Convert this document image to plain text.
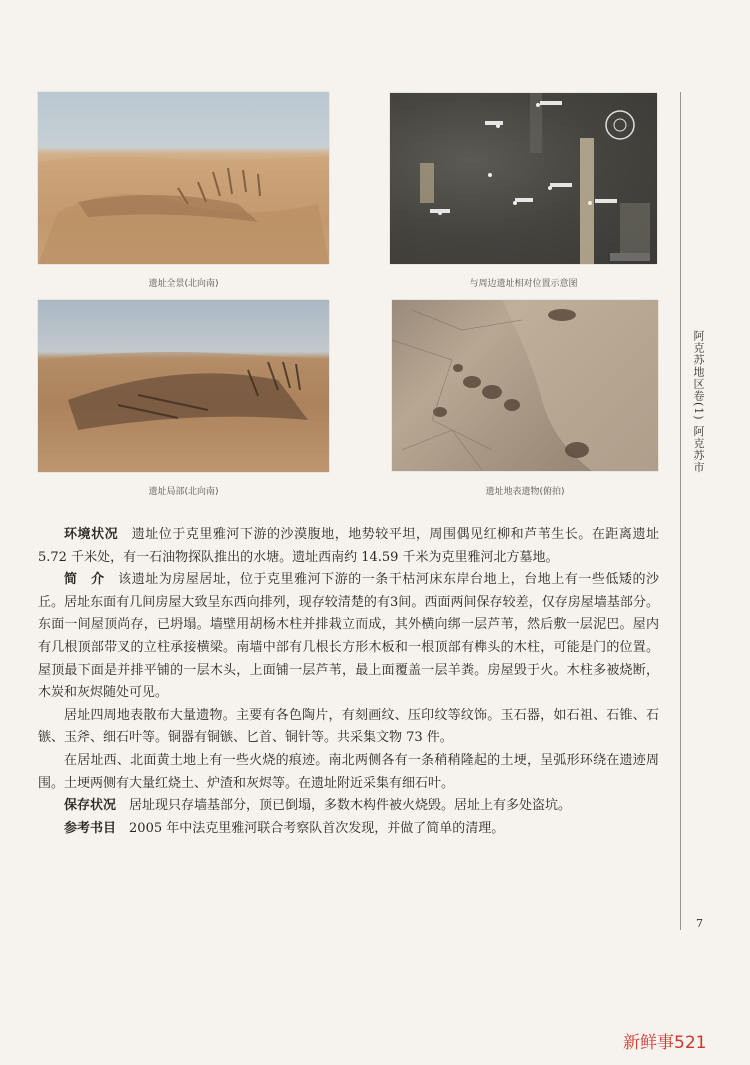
遗址全景(北向南)	与周边遗址相对位置示意图
遗址局部(北向南)	遗址地表遗物(俯拍)
阿克苏地区卷(1) 阿克苏市
7

环境状况　 遗址位于克里雅河下游的沙漠腹地，地势较平坦，周围偶见红柳和芦苇生长。在距离遗址 5.72 千米处，有一石油物探队推出的水塘。遗址西南约 14.59 千米为克里雅河北方墓地。

简　介　 该遗址为房屋居址，位于克里雅河下游的一条干枯河床东岸台地上，台地上有一些低矮的沙丘。居址东面有几间房屋大致呈东西向排列，现存较清楚的有3间。西面两间保存较差，仅存房屋墙基部分。东面一间屋顶尚存，已坍塌。墙壁用胡杨木柱并排栽立而成，其外横向绑一层芦苇，然后敷一层泥巴。屋内有几根顶部带叉的立柱承接横梁。南墙中部有几根长方形木板和一根顶部有榫头的木柱，可能是门的位置。屋顶最下面是并排平铺的一层木头，上面铺一层芦苇，最上面覆盖一层羊粪。房屋毁于火。木柱多被烧断，木炭和灰烬随处可见。

居址四周地表散布大量遗物。主要有各色陶片，有刻画纹、压印纹等纹饰。玉石器，如石祖、石锥、石镞、玉斧、细石叶等。铜器有铜镞、匕首、铜针等。共采集文物 73 件。

在居址西、北面黄土地上有一些火烧的痕迹。南北两侧各有一条稍稍隆起的土埂，呈弧形环绕在遗迹周围。土埂两侧有大量红烧土、炉渣和灰烬等。在遗址附近采集有细石叶。

保存状况　 居址现只存墙基部分，顶已倒塌，多数木构件被火烧毁。居址上有多处盗坑。

参考书目　 2005 年中法克里雅河联合考察队首次发现，并做了简单的清理。

新鲜事521
